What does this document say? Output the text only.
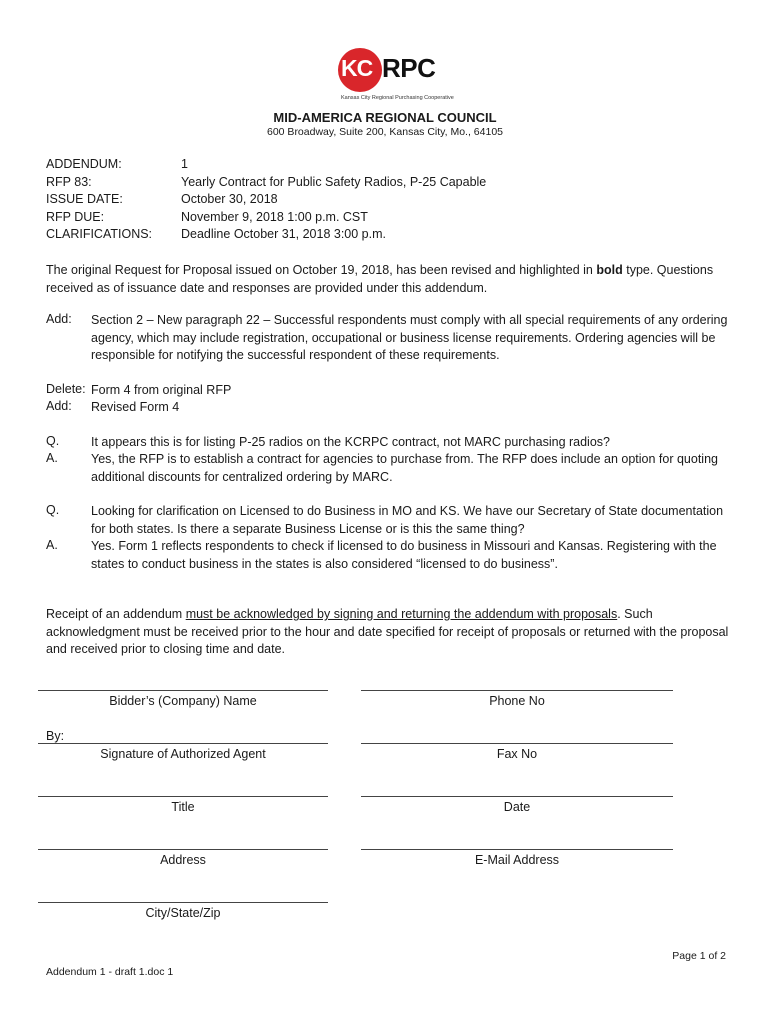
KC RPC
Kansas City Regional Purchasing Cooperative
MID-AMERICA REGIONAL COUNCIL
600 Broadway, Suite 200, Kansas City, Mo., 64105
ADDENDUM:	1
RFP 83:	Yearly Contract for Public Safety Radios, P-25 Capable
ISSUE DATE:	October 30, 2018
RFP DUE:	November 9, 2018 1:00 p.m. CST
CLARIFICATIONS: Deadline October 31, 2018 3:00 p.m.
The original Request for Proposal issued on October 19, 2018, has been revised and highlighted in bold type. Questions received as of issuance date and responses are provided under this addendum.
Add: Section 2 – New paragraph 22 – Successful respondents must comply with all special requirements of any ordering agency, which may include registration, occupational or business license requirements. Ordering agencies will be responsible for notifying the successful respondent of these requirements.
Delete: Form 4 from original RFP
Add: Revised Form 4
Q.	It appears this is for listing P-25 radios on the KCRPC contract, not MARC purchasing radios?
A.	Yes, the RFP is to establish a contract for agencies to purchase from. The RFP does include an option for quoting additional discounts for centralized ordering by MARC.
Q.	Looking for clarification on Licensed to do Business in MO and KS. We have our Secretary of State documentation for both states. Is there a separate Business License or is this the same thing?
A.	Yes. Form 1 reflects respondents to check if licensed to do business in Missouri and Kansas. Registering with the states to conduct business in the states is also considered “licensed to do business”.
Receipt of an addendum must be acknowledged by signing and returning the addendum with proposals. Such acknowledgment must be received prior to the hour and date specified for receipt of proposals or returned with the proposal and received prior to closing time and date.
Bidder’s (Company) Name	Phone No
By:
Signature of Authorized Agent	Fax No
Title	Date
Address	E-Mail Address
City/State/Zip
Page 1 of 2
Addendum 1 - draft 1.doc 1
